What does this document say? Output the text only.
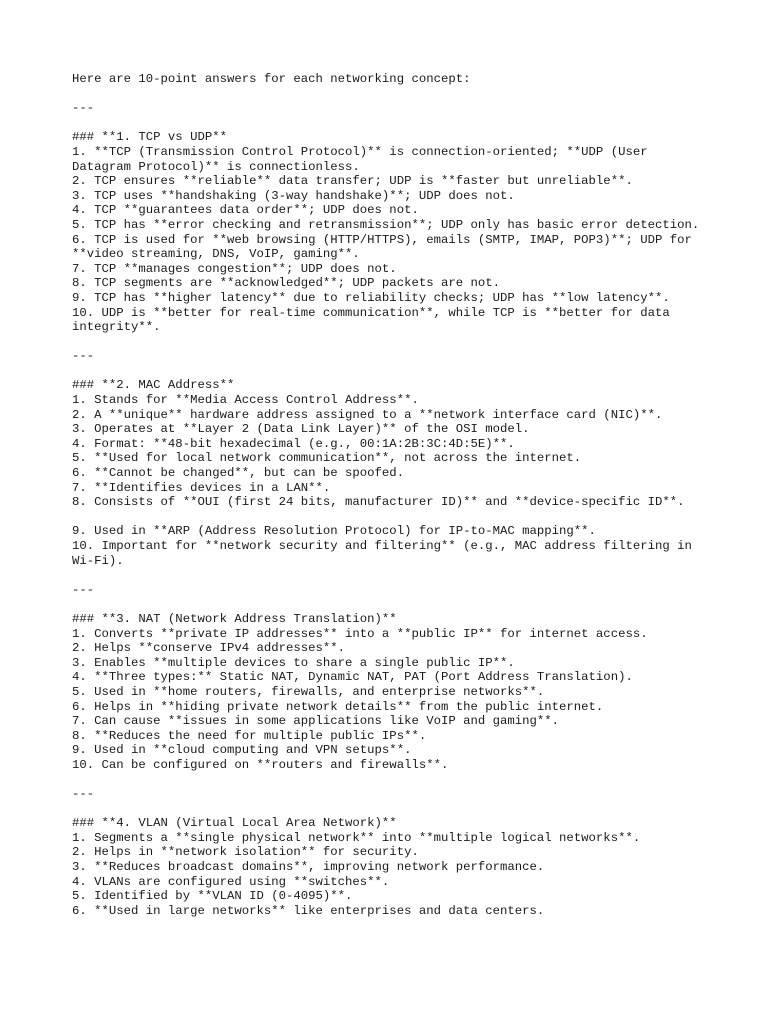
Here are 10-point answers for each networking concept:
---
### **1. TCP vs UDP**
1. **TCP (Transmission Control Protocol)** is connection-oriented; **UDP (User Datagram Protocol)** is connectionless.
2. TCP ensures **reliable** data transfer; UDP is **faster but unreliable**.
3. TCP uses **handshaking (3-way handshake)**; UDP does not.
4. TCP **guarantees data order**; UDP does not.
5. TCP has **error checking and retransmission**; UDP only has basic error detection.
6. TCP is used for **web browsing (HTTP/HTTPS), emails (SMTP, IMAP, POP3)**; UDP for **video streaming, DNS, VoIP, gaming**.
7. TCP **manages congestion**; UDP does not.
8. TCP segments are **acknowledged**; UDP packets are not.
9. TCP has **higher latency** due to reliability checks; UDP has **low latency**.
10. UDP is **better for real-time communication**, while TCP is **better for data integrity**.
---
### **2. MAC Address**
1. Stands for **Media Access Control Address**.
2. A **unique** hardware address assigned to a **network interface card (NIC)**.
3. Operates at **Layer 2 (Data Link Layer)** of the OSI model.
4. Format: **48-bit hexadecimal (e.g., 00:1A:2B:3C:4D:5E)**.
5. **Used for local network communication**, not across the internet.
6. **Cannot be changed**, but can be spoofed.
7. **Identifies devices in a LAN**.
8. Consists of **OUI (first 24 bits, manufacturer ID)** and **device-specific ID**.
9. Used in **ARP (Address Resolution Protocol) for IP-to-MAC mapping**.
10. Important for **network security and filtering** (e.g., MAC address filtering in Wi-Fi).
---
### **3. NAT (Network Address Translation)**
1. Converts **private IP addresses** into a **public IP** for internet access.
2. Helps **conserve IPv4 addresses**.
3. Enables **multiple devices to share a single public IP**.
4. **Three types:** Static NAT, Dynamic NAT, PAT (Port Address Translation).
5. Used in **home routers, firewalls, and enterprise networks**.
6. Helps in **hiding private network details** from the public internet.
7. Can cause **issues in some applications like VoIP and gaming**.
8. **Reduces the need for multiple public IPs**.
9. Used in **cloud computing and VPN setups**.
10. Can be configured on **routers and firewalls**.
---
### **4. VLAN (Virtual Local Area Network)**
1. Segments a **single physical network** into **multiple logical networks**.
2. Helps in **network isolation** for security.
3. **Reduces broadcast domains**, improving network performance.
4. VLANs are configured using **switches**.
5. Identified by **VLAN ID (0-4095)**.
6. **Used in large networks** like enterprises and data centers.
